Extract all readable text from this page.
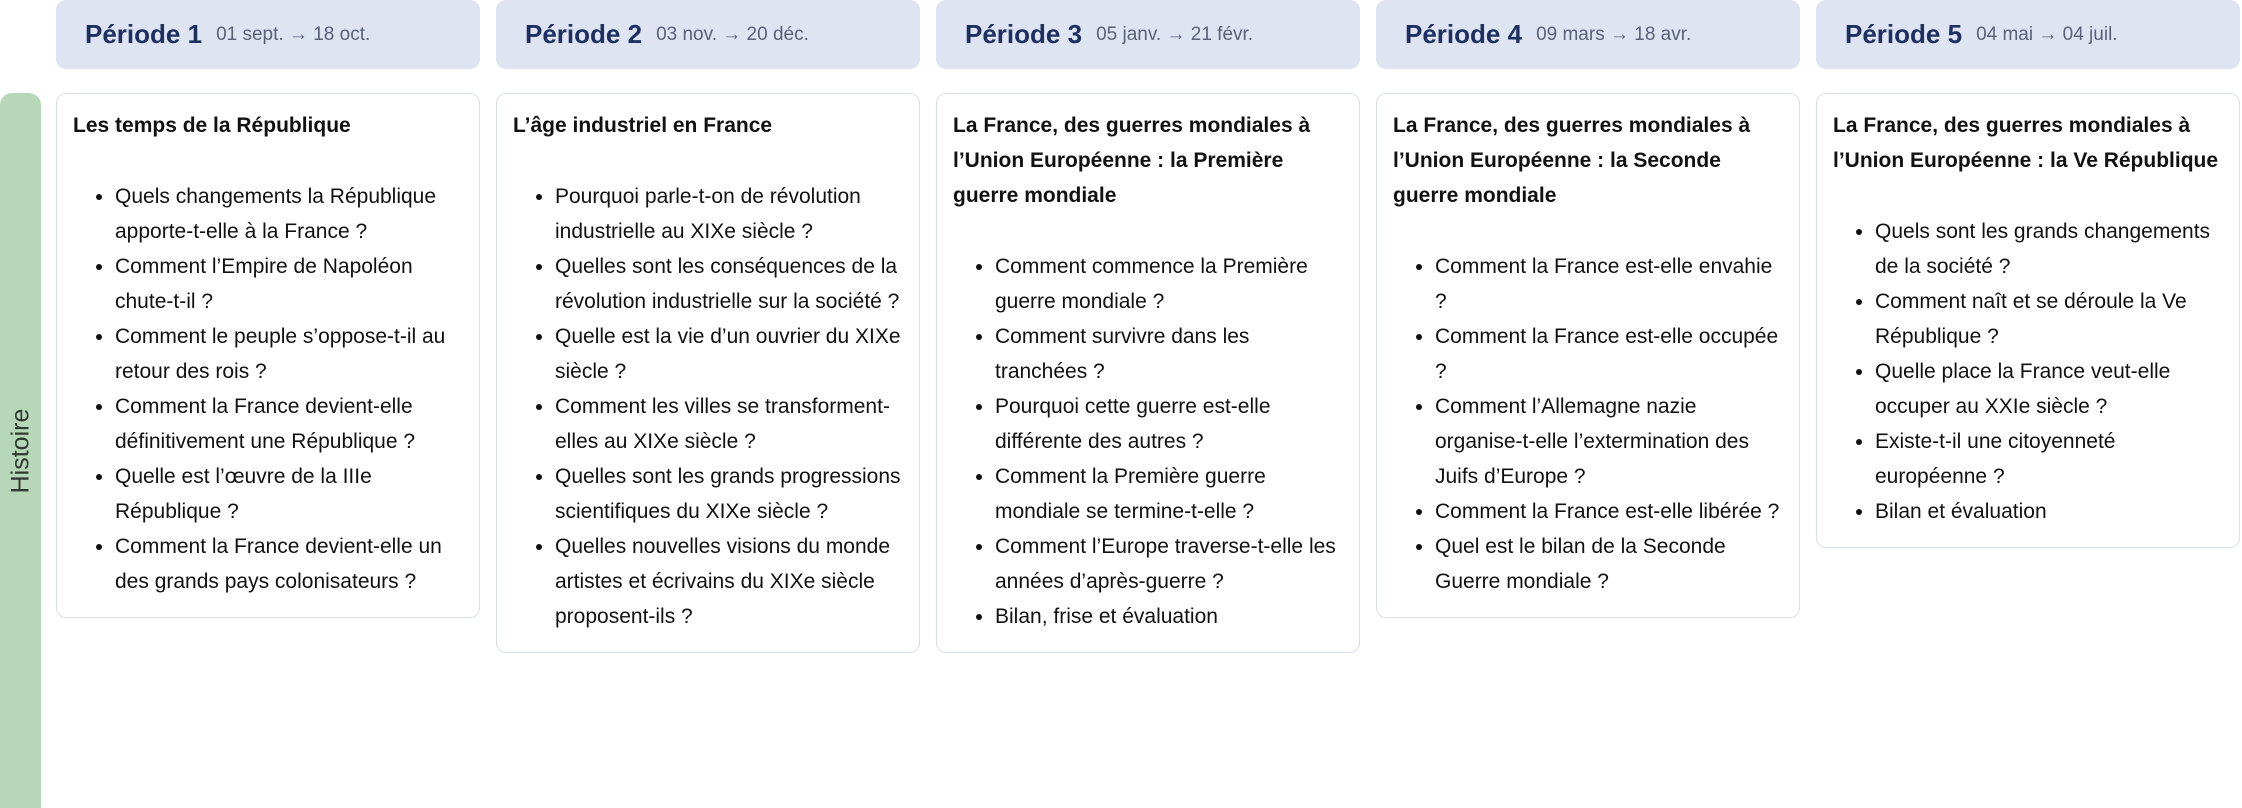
Histoire
Période 1 01 sept. → 18 oct.
Les temps de la République
• Quels changements la République apporte-t-elle à la France ?
• Comment l’Empire de Napoléon chute-t-il ?
• Comment le peuple s’oppose-t-il au retour des rois ?
• Comment la France devient-elle définitivement une République ?
• Quelle est l’œuvre de la IIIe République ?
• Comment la France devient-elle un des grands pays colonisateurs ?
Période 2 03 nov. → 20 déc.
L’âge industriel en France
• Pourquoi parle-t-on de révolution industrielle au XIXe siècle ?
• Quelles sont les conséquences de la révolution industrielle sur la société ?
• Quelle est la vie d’un ouvrier du XIXe siècle ?
• Comment les villes se transforment-elles au XIXe siècle ?
• Quelles sont les grands progressions scientifiques du XIXe siècle ?
• Quelles nouvelles visions du monde artistes et écrivains du XIXe siècle proposent-ils ?
Période 3 05 janv. → 21 févr.
La France, des guerres mondiales à l’Union Européenne : la Première guerre mondiale
• Comment commence la Première guerre mondiale ?
• Comment survivre dans les tranchées ?
• Pourquoi cette guerre est-elle différente des autres ?
• Comment la Première guerre mondiale se termine-t-elle ?
• Comment l’Europe traverse-t-elle les années d’après-guerre ?
• Bilan, frise et évaluation
Période 4 09 mars → 18 avr.
La France, des guerres mondiales à l’Union Européenne : la Seconde guerre mondiale
• Comment la France est-elle envahie ?
• Comment la France est-elle occupée ?
• Comment l’Allemagne nazie organise-t-elle l’extermination des Juifs d’Europe ?
• Comment la France est-elle libérée ?
• Quel est le bilan de la Seconde Guerre mondiale ?
Période 5 04 mai → 04 juil.
La France, des guerres mondiales à l’Union Européenne : la Ve République
• Quels sont les grands changements de la société ?
• Comment naît et se déroule la Ve République ?
• Quelle place la France veut-elle occuper au XXIe siècle ?
• Existe-t-il une citoyenneté européenne ?
• Bilan et évaluation
